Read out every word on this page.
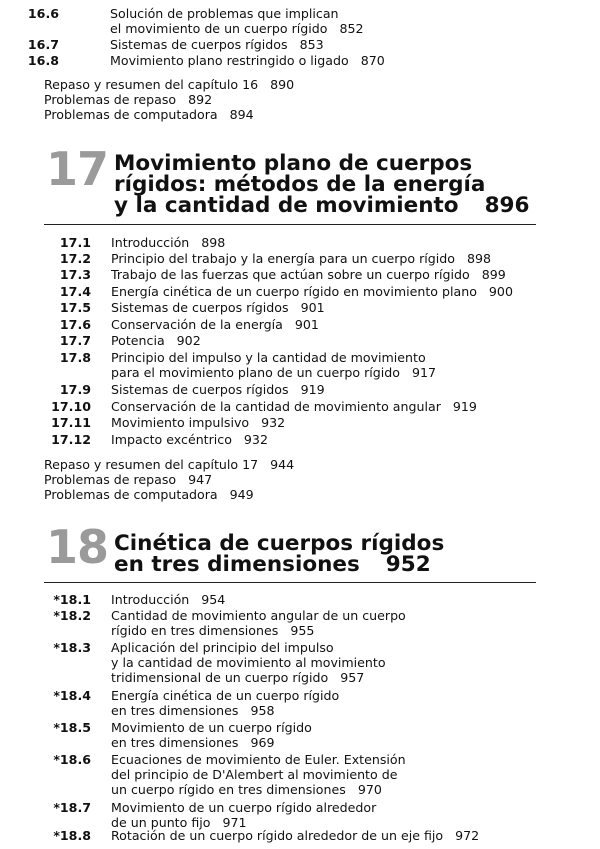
16.6	Solución de problemas que implican
el movimiento de un cuerpo rígido 852
16.7	Sistemas de cuerpos rígidos 853
16.8	Movimiento plano restringido o ligado 870
Repaso y resumen del capítulo 16 890
Problemas de repaso 892
Problemas de computadora 894
17 Movimiento plano de cuerpos
rígidos: métodos de la energía
y la cantidad de movimiento 896
17.1 Introducción 898
17.2 Principio del trabajo y la energía para un cuerpo rígido 898
17.3 Trabajo de las fuerzas que actúan sobre un cuerpo rígido 899
17.4 Energía cinética de un cuerpo rígido en movimiento plano 900
17.5 Sistemas de cuerpos rígidos 901
17.6 Conservación de la energía 901
17.7 Potencia 902
17.8 Principio del impulso y la cantidad de movimiento
para el movimiento plano de un cuerpo rígido 917
17.9 Sistemas de cuerpos rígidos 919
17.10 Conservación de la cantidad de movimiento angular 919
17.11 Movimiento impulsivo 932
17.12 Impacto excéntrico 932
Repaso y resumen del capítulo 17 944
Problemas de repaso 947
Problemas de computadora 949
18 Cinética de cuerpos rígidos
en tres dimensiones 952
*18.1 Introducción 954
*18.2 Cantidad de movimiento angular de un cuerpo
rígido en tres dimensiones 955
*18.3 Aplicación del principio del impulso
y la cantidad de movimiento al movimiento
tridimensional de un cuerpo rígido 957
*18.4 Energía cinética de un cuerpo rígido
en tres dimensiones 958
*18.5 Movimiento de un cuerpo rígido
en tres dimensiones 969
*18.6 Ecuaciones de movimiento de Euler. Extensión
del principio de D'Alembert al movimiento de
un cuerpo rígido en tres dimensiones 970
*18.7 Movimiento de un cuerpo rígido alrededor
de un punto fijo 971
*18.8 Rotación de un cuerpo rígido alrededor de un eje fijo 972
